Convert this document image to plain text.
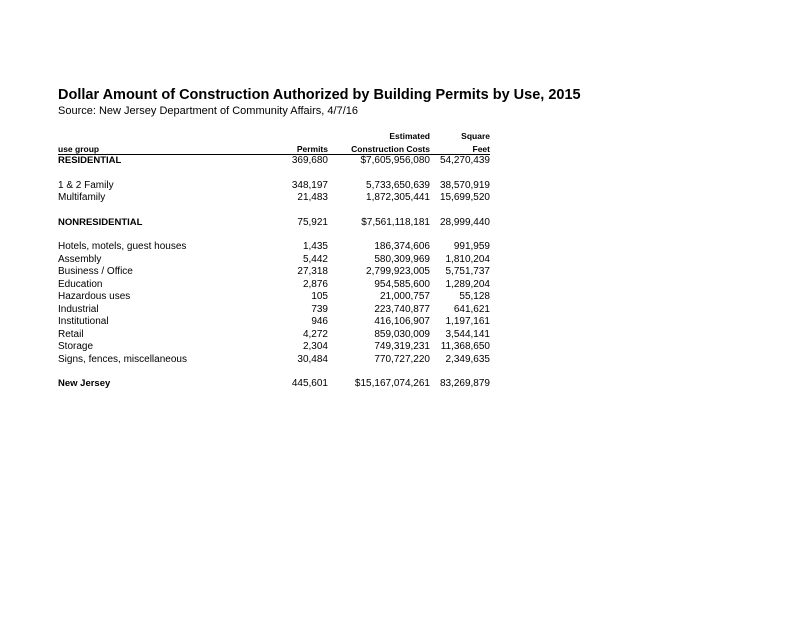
Dollar Amount of Construction Authorized by Building Permits by Use, 2015

Source: New Jersey Department of Community Affairs, 4/7/16

		Estimated	Square
use group	Permits	Construction Costs	Feet
RESIDENTIAL	369,680	$7,605,956,080	54,270,439

1 & 2 Family	348,197	5,733,650,639	38,570,919
Multifamily	21,483	1,872,305,441	15,699,520

NONRESIDENTIAL	75,921	$7,561,118,181	28,999,440

Hotels, motels, guest houses	1,435	186,374,606	991,959
Assembly	5,442	580,309,969	1,810,204
Business / Office	27,318	2,799,923,005	5,751,737
Education	2,876	954,585,600	1,289,204
Hazardous uses	105	21,000,757	55,128
Industrial	739	223,740,877	641,621
Institutional	946	416,106,907	1,197,161
Retail	4,272	859,030,009	3,544,141
Storage	2,304	749,319,231	11,368,650
Signs, fences, miscellaneous	30,484	770,727,220	2,349,635

New Jersey	445,601	$15,167,074,261	83,269,879
